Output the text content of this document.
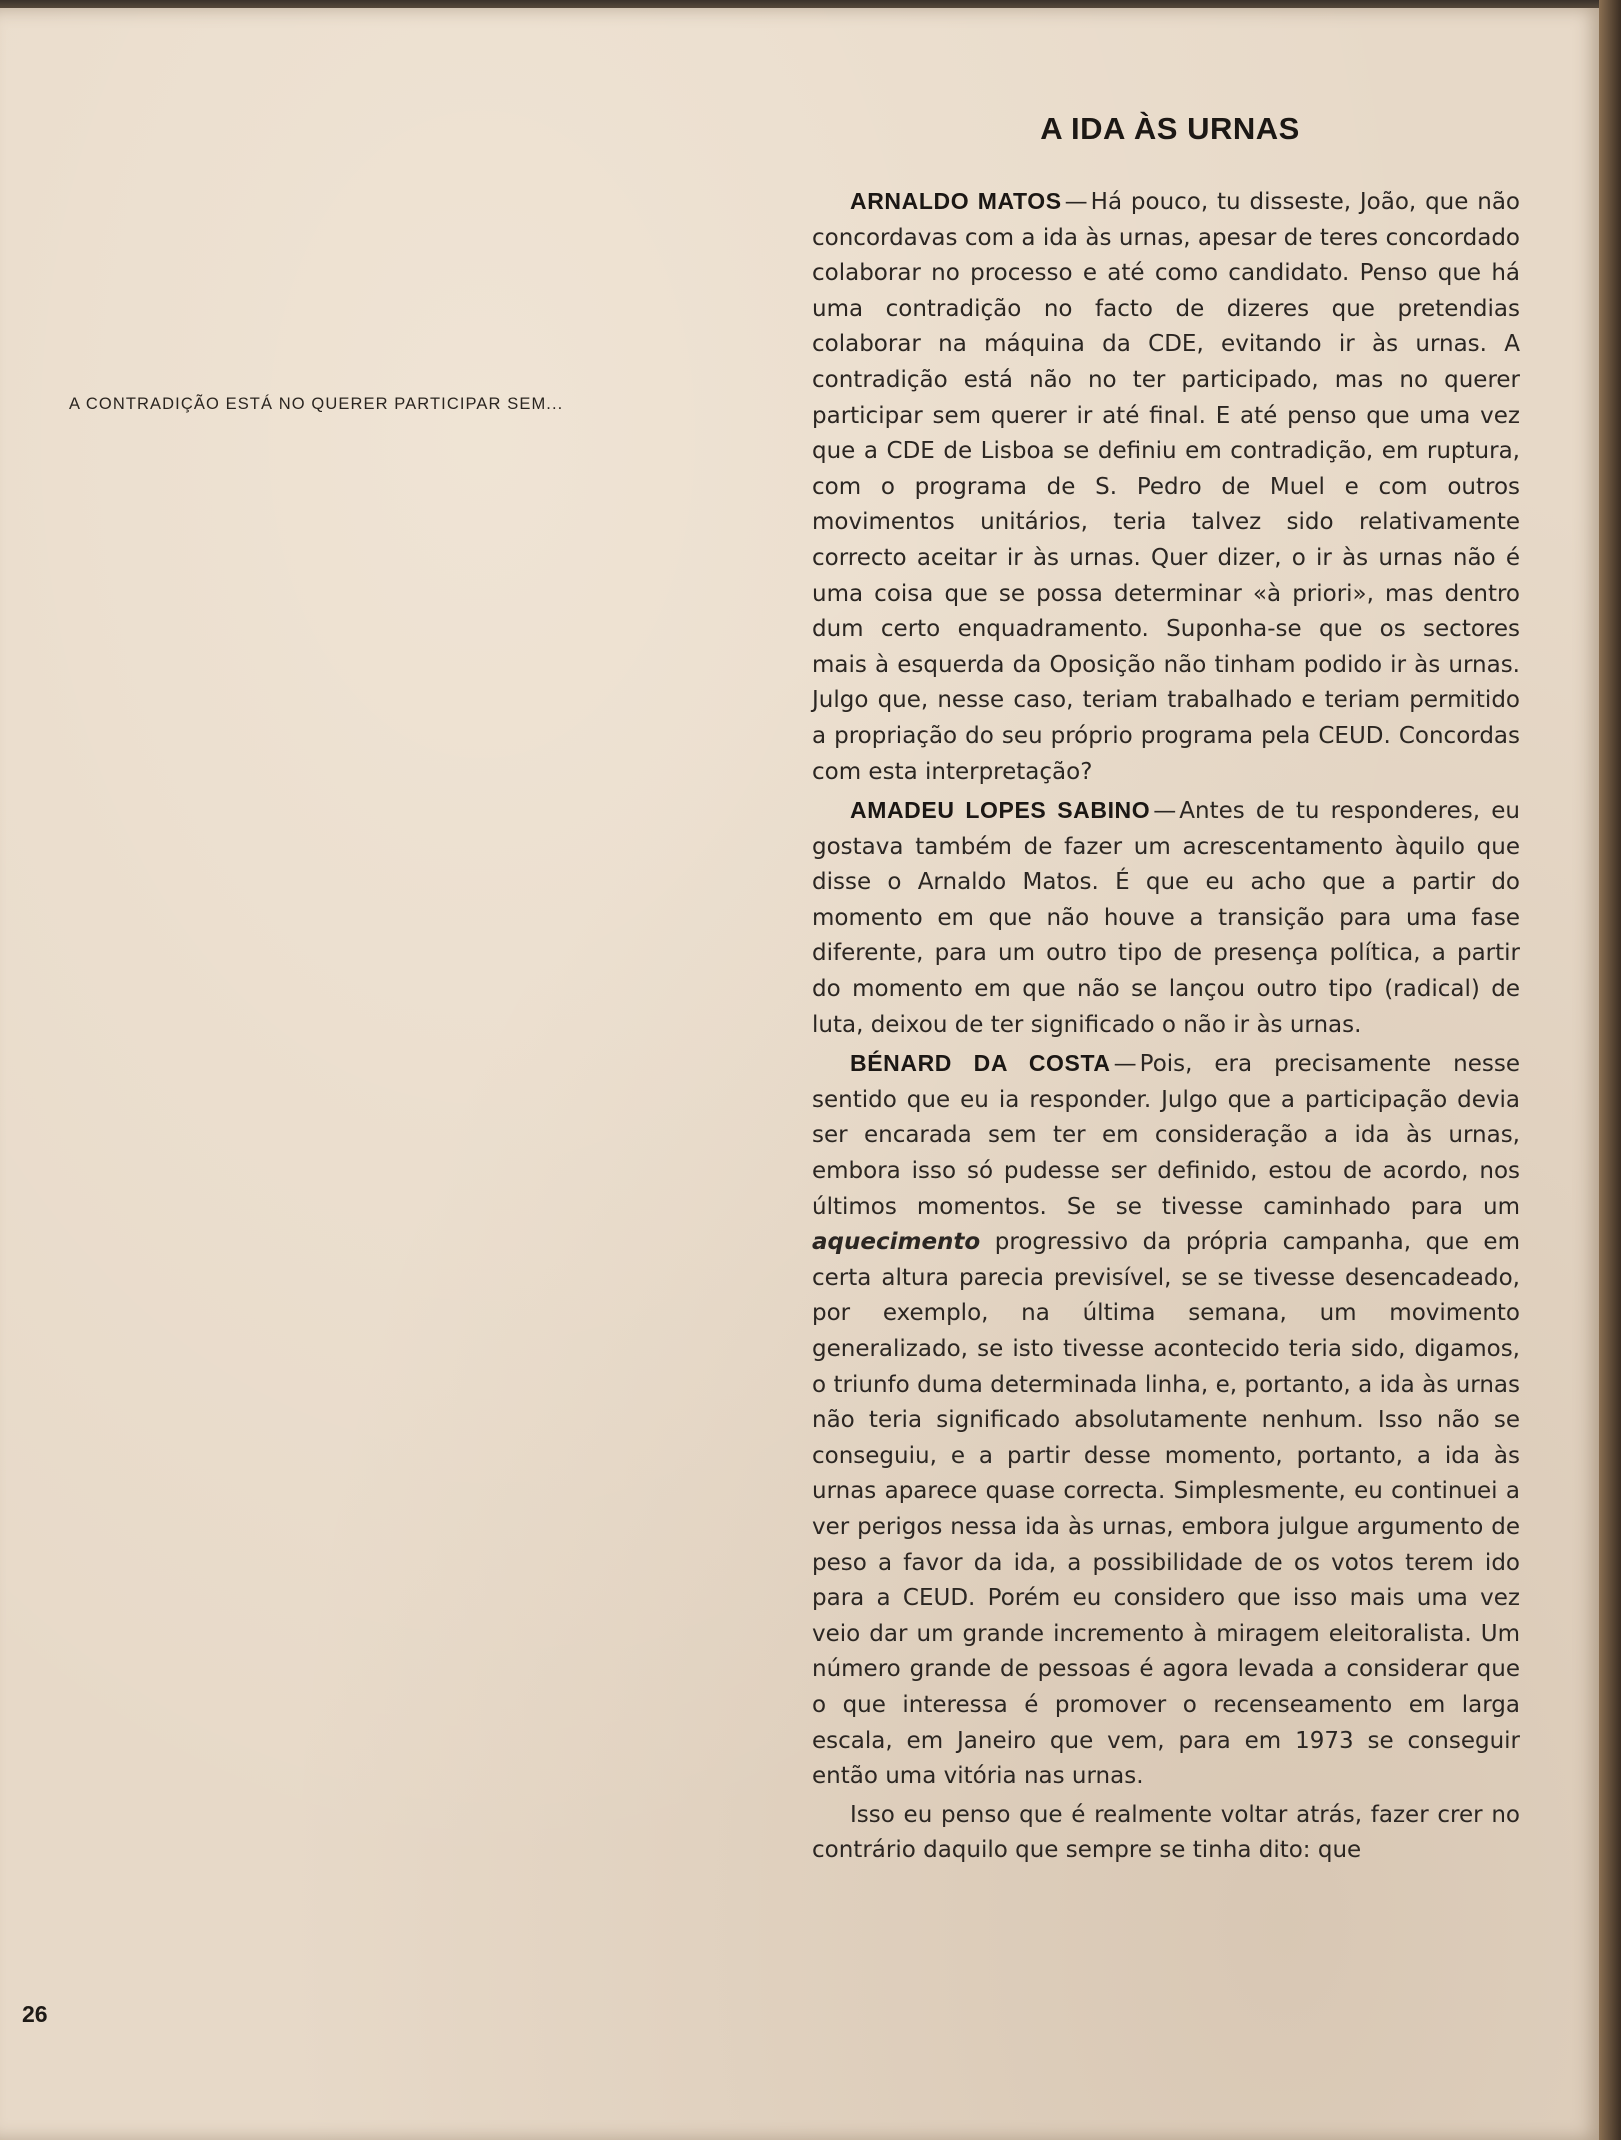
A CONTRADIÇÃO ESTÁ NO QUERER PARTICIPAR SEM...
A IDA ÀS URNAS

ARNALDO MATOS — Há pouco, tu disseste, João, que não concordavas com a ida às urnas, apesar de teres concordado colaborar no processo e até como candidato. Penso que há uma contradição no facto de dizeres que pretendias colaborar na máquina da CDE, evitando ir às urnas. A contradição está não no ter participado, mas no querer participar sem querer ir até final. E até penso que uma vez que a CDE de Lisboa se definiu em contradição, em ruptura, com o programa de S. Pedro de Muel e com outros movimentos unitários, teria talvez sido relativamente correcto aceitar ir às urnas. Quer dizer, o ir às urnas não é uma coisa que se possa determinar «à priori», mas dentro dum certo enquadramento. Suponha-se que os sectores mais à esquerda da Oposição não tinham podido ir às urnas. Julgo que, nesse caso, teriam trabalhado e teriam permitido a propriação do seu próprio programa pela CEUD. Concordas com esta interpretação?

AMADEU LOPES SABINO — Antes de tu responderes, eu gostava também de fazer um acrescentamento àquilo que disse o Arnaldo Matos. É que eu acho que a partir do momento em que não houve a transição para uma fase diferente, para um outro tipo de presença política, a partir do momento em que não se lançou outro tipo (radical) de luta, deixou de ter significado o não ir às urnas.

BÉNARD DA COSTA — Pois, era precisamente nesse sentido que eu ia responder. Julgo que a participação devia ser encarada sem ter em consideração a ida às urnas, embora isso só pudesse ser definido, estou de acordo, nos últimos momentos. Se se tivesse caminhado para um aquecimento progressivo da própria campanha, que em certa altura parecia previsível, se se tivesse desencadeado, por exemplo, na última semana, um movimento generalizado, se isto tivesse acontecido teria sido, digamos, o triunfo duma determinada linha, e, portanto, a ida às urnas não teria significado absolutamente nenhum. Isso não se conseguiu, e a partir desse momento, portanto, a ida às urnas aparece quase correcta. Simplesmente, eu continuei a ver perigos nessa ida às urnas, embora julgue argumento de peso a favor da ida, a possibilidade de os votos terem ido para a CEUD. Porém eu considero que isso mais uma vez veio dar um grande incremento à miragem eleitoralista. Um número grande de pessoas é agora levada a considerar que o que interessa é promover o recenseamento em larga escala, em Janeiro que vem, para em 1973 se conseguir então uma vitória nas urnas.

Isso eu penso que é realmente voltar atrás, fazer crer no contrário daquilo que sempre se tinha dito: que

26
